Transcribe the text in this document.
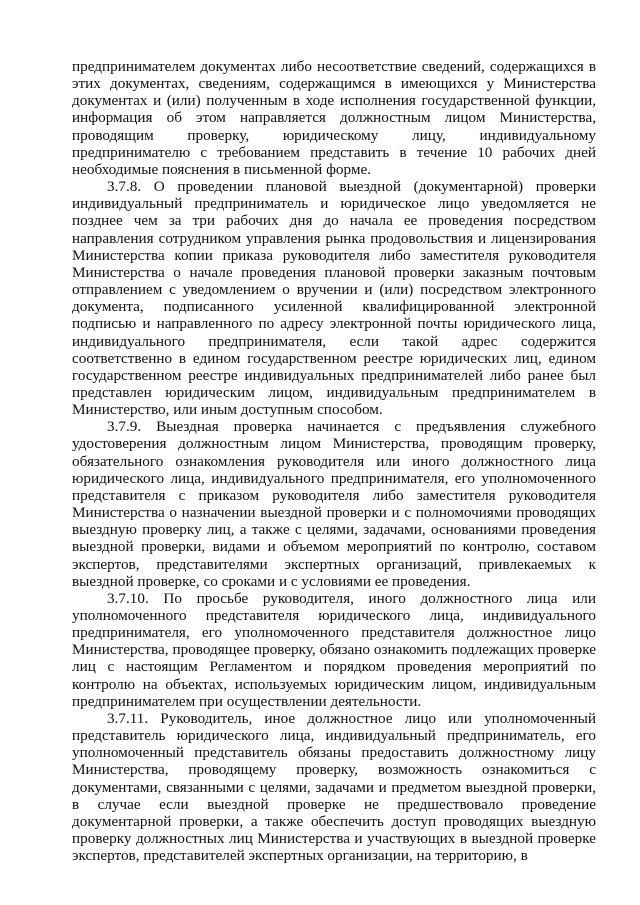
предпринимателем документах либо несоответствие сведений, содержащихся в этих документах, сведениям, содержащимся в имеющихся у Министерства документах и (или) полученным в ходе исполнения государственной функции, информация об этом направляется должностным лицом Министерства, проводящим проверку, юридическому лицу, индивидуальному предпринимателю с требованием представить в течение 10 рабочих дней необходимые пояснения в письменной форме.

3.7.8. О проведении плановой выездной (документарной) проверки индивидуальный предприниматель и юридическое лицо уведомляется не позднее чем за три рабочих дня до начала ее проведения посредством направления сотрудником управления рынка продовольствия и лицензирования Министерства копии приказа руководителя либо заместителя руководителя Министерства о начале проведения плановой проверки заказным почтовым отправлением с уведомлением о вручении и (или) посредством электронного документа, подписанного усиленной квалифицированной электронной подписью и направленного по адресу электронной почты юридического лица, индивидуального предпринимателя, если такой адрес содержится соответственно в едином государственном реестре юридических лиц, едином государственном реестре индивидуальных предпринимателей либо ранее был представлен юридическим лицом, индивидуальным предпринимателем в Министерство, или иным доступным способом.

3.7.9. Выездная проверка начинается с предъявления служебного удостоверения должностным лицом Министерства, проводящим проверку, обязательного ознакомления руководителя или иного должностного лица юридического лица, индивидуального предпринимателя, его уполномоченного представителя с приказом руководителя либо заместителя руководителя Министерства о назначении выездной проверки и с полномочиями проводящих выездную проверку лиц, а также с целями, задачами, основаниями проведения выездной проверки, видами и объемом мероприятий по контролю, составом экспертов, представителями экспертных организаций, привлекаемых к выездной проверке, со сроками и с условиями ее проведения.

3.7.10. По просьбе руководителя, иного должностного лица или уполномоченного представителя юридического лица, индивидуального предпринимателя, его уполномоченного представителя должностное лицо Министерства, проводящее проверку, обязано ознакомить подлежащих проверке лиц с настоящим Регламентом и порядком проведения мероприятий по контролю на объектах, используемых юридическим лицом, индивидуальным предпринимателем при осуществлении деятельности.

3.7.11. Руководитель, иное должностное лицо или уполномоченный представитель юридического лица, индивидуальный предприниматель, его уполномоченный представитель обязаны предоставить должностному лицу Министерства, проводящему проверку, возможность ознакомиться с документами, связанными с целями, задачами и предметом выездной проверки, в случае если выездной проверке не предшествовало проведение документарной проверки, а также обеспечить доступ проводящих выездную проверку должностных лиц Министерства и участвующих в выездной проверке экспертов, представителей экспертных организации, на территорию, в
